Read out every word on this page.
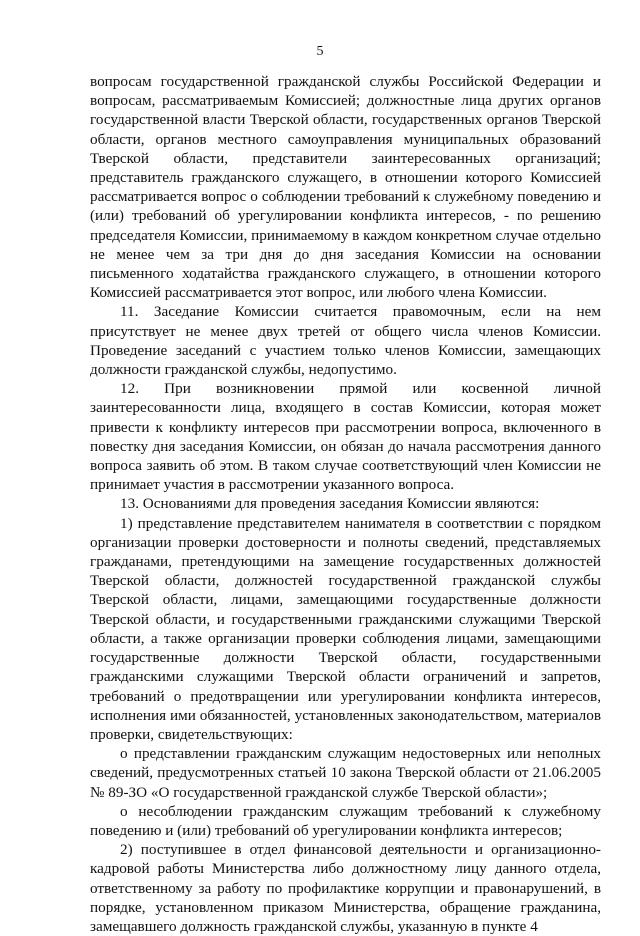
5

вопросам государственной гражданской службы Российской Федерации и вопросам, рассматриваемым Комиссией; должностные лица других органов государственной власти Тверской области, государственных органов Тверской области, органов местного самоуправления муниципальных образований Тверской области, представители заинтересованных организаций; представитель гражданского служащего, в отношении которого Комиссией рассматривается вопрос о соблюдении требований к служебному поведению и (или) требований об урегулировании конфликта интересов, - по решению председателя Комиссии, принимаемому в каждом конкретном случае отдельно не менее чем за три дня до дня заседания Комиссии на основании письменного ходатайства гражданского служащего, в отношении которого Комиссией рассматривается этот вопрос, или любого члена Комиссии.

11. Заседание Комиссии считается правомочным, если на нем присутствует не менее двух третей от общего числа членов Комиссии. Проведение заседаний с участием только членов Комиссии, замещающих должности гражданской службы, недопустимо.

12. При возникновении прямой или косвенной личной заинтересованности лица, входящего в состав Комиссии, которая может привести к конфликту интересов при рассмотрении вопроса, включенного в повестку дня заседания Комиссии, он обязан до начала рассмотрения данного вопроса заявить об этом. В таком случае соответствующий член Комиссии не принимает участия в рассмотрении указанного вопроса.

13. Основаниями для проведения заседания Комиссии являются:

1) представление представителем нанимателя в соответствии с порядком организации проверки достоверности и полноты сведений, представляемых гражданами, претендующими на замещение государственных должностей Тверской области, должностей государственной гражданской службы Тверской области, лицами, замещающими государственные должности Тверской области, и государственными гражданскими служащими Тверской области, а также организации проверки соблюдения лицами, замещающими государственные должности Тверской области, государственными гражданскими служащими Тверской области ограничений и запретов, требований о предотвращении или урегулировании конфликта интересов, исполнения ими обязанностей, установленных законодательством, материалов проверки, свидетельствующих:

о представлении гражданским служащим недостоверных или неполных сведений, предусмотренных статьей 10 закона Тверской области от 21.06.2005 № 89-ЗО «О государственной гражданской службе Тверской области»;

о несоблюдении гражданским служащим требований к служебному поведению и (или) требований об урегулировании конфликта интересов;

2) поступившее в отдел финансовой деятельности и организационно-кадровой работы Министерства либо должностному лицу данного отдела, ответственному за работу по профилактике коррупции и правонарушений, в порядке, установленном приказом Министерства, обращение гражданина, замещавшего должность гражданской службы, указанную в пункте 4
